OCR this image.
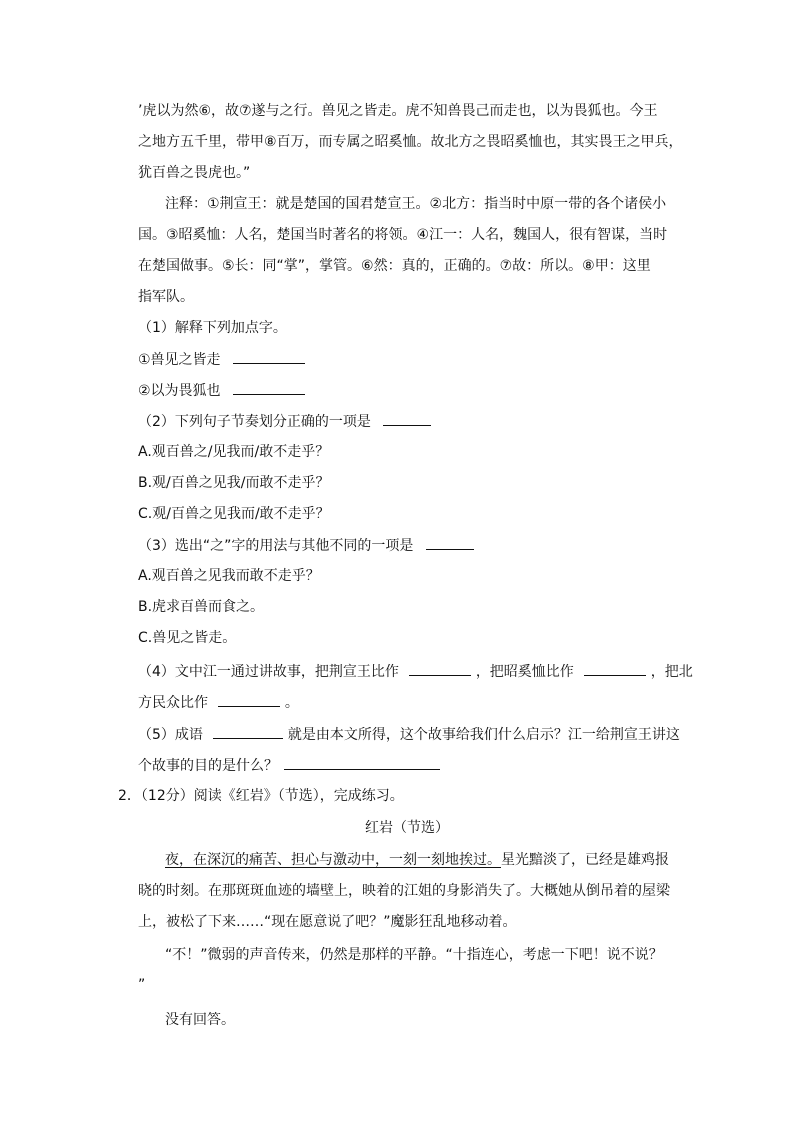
’虎以为然⑥，故⑦遂与之行。兽见之皆走。虎不知兽畏己而走也，以为畏狐也。今王
之地方五千里，带甲⑧百万，而专属之昭奚恤。故北方之畏昭奚恤也，其实畏王之甲兵，
犹百兽之畏虎也。”
注释：①荆宣王：就是楚国的国君楚宣王。②北方：指当时中原一带的各个诸侯小
国。③昭奚恤：人名，楚国当时著名的将领。④江一：人名，魏国人，很有智谋，当时
在楚国做事。⑤长：同“掌”，掌管。⑥然：真的，正确的。⑦故：所以。⑧甲：这里
指军队。
（1）解释下列加点字。
①兽见之皆走
②以为畏狐也
（2）下列句子节奏划分正确的一项是
A.观百兽之/见我而/敢不走乎？
B.观/百兽之见我/而敢不走乎？
C.观/百兽之见我而/敢不走乎？
（3）选出“之”字的用法与其他不同的一项是
A.观百兽之见我而敢不走乎？
B.虎求百兽而食之。
C.兽见之皆走。
（4）文中江一通过讲故事，把荆宣王比作	，把昭奚恤比作	，把北
方民众比作	。
（5）成语	就是由本文所得，这个故事给我们什么启示？江一给荆宣王讲这
个故事的目的是什么？
2．（12分）阅读《红岩》（节选），完成练习。
红岩（节选）
夜，在深沉的痛苦、担心与激动中，一刻一刻地挨过。星光黯淡了，已经是雄鸡报
晓的时刻。在那斑斑血迹的墙壁上，映着的江姐的身影消失了。大概她从倒吊着的屋梁
上，被松了下来……“现在愿意说了吧？”魔影狂乱地移动着。
“不！”微弱的声音传来，仍然是那样的平静。“十指连心，考虑一下吧！说不说？
”
没有回答。
